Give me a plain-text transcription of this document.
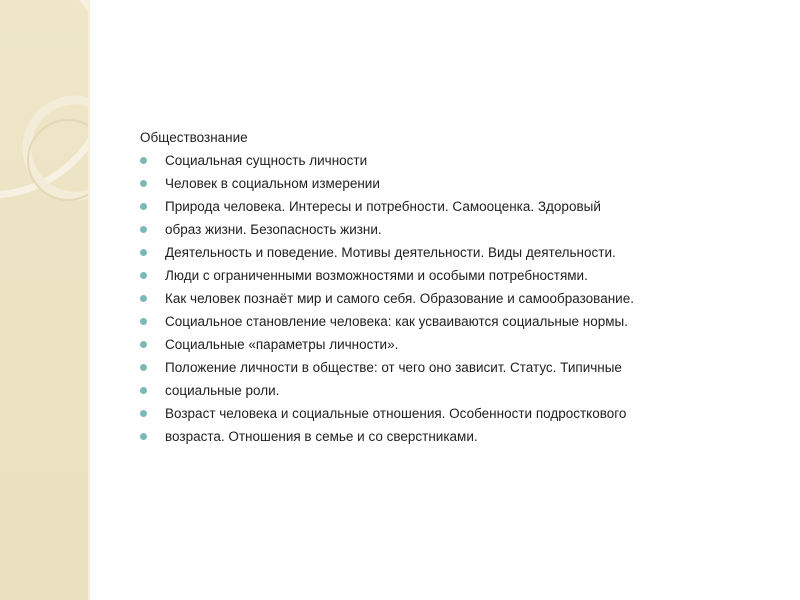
Обществознание
Социальная сущность личности
Человек в социальном измерении
Природа человека. Интересы и потребности. Самооценка. Здоровый
образ жизни. Безопасность жизни.
Деятельность и поведение. Мотивы деятельности. Виды деятельности.
Люди с ограниченными возможностями и особыми потребностями.
Как человек познаёт мир и самого себя. Образование и самообразование.
Социальное становление человека: как усваиваются социальные нормы.
Социальные «параметры личности».
Положение личности в обществе: от чего оно зависит. Статус. Типичные
социальные роли.
Возраст человека и социальные отношения. Особенности подросткового
возраста. Отношения в семье и со сверстниками.
